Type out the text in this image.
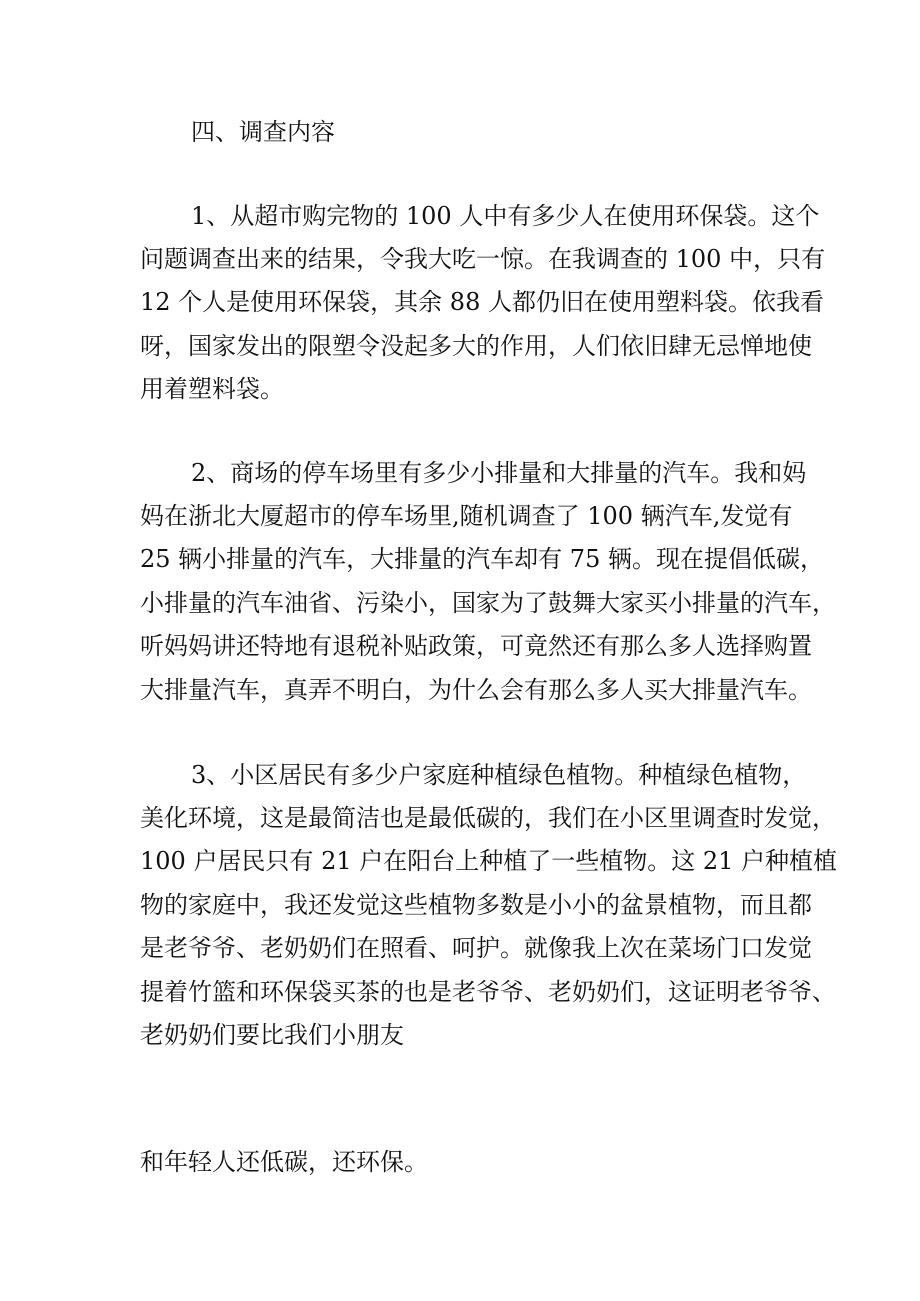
四、调查内容

1、从超市购完物的 100 人中有多少人在使用环保袋。这个

问题调查出来的结果，令我大吃一惊。在我调查的 100 中，只有

12 个人是使用环保袋，其余 88 人都仍旧在使用塑料袋。依我看

呀，国家发出的限塑令没起多大的作用，人们依旧肆无忌惮地使

用着塑料袋。

2、商场的停车场里有多少小排量和大排量的汽车。我和妈

妈在浙北大厦超市的停车场里,随机调查了 100 辆汽车,发觉有

25 辆小排量的汽车，大排量的汽车却有 75 辆。现在提倡低碳，

小排量的汽车油省、污染小，国家为了鼓舞大家买小排量的汽车，

听妈妈讲还特地有退税补贴政策，可竟然还有那么多人选择购置

大排量汽车，真弄不明白，为什么会有那么多人买大排量汽车。

3、小区居民有多少户家庭种植绿色植物。种植绿色植物，

美化环境，这是最简洁也是最低碳的，我们在小区里调查时发觉，

100 户居民只有 21 户在阳台上种植了一些植物。这 21 户种植植

物的家庭中，我还发觉这些植物多数是小小的盆景植物，而且都

是老爷爷、老奶奶们在照看、呵护。就像我上次在菜场门口发觉

提着竹篮和环保袋买茶的也是老爷爷、老奶奶们，这证明老爷爷、

老奶奶们要比我们小朋友

和年轻人还低碳，还环保。
